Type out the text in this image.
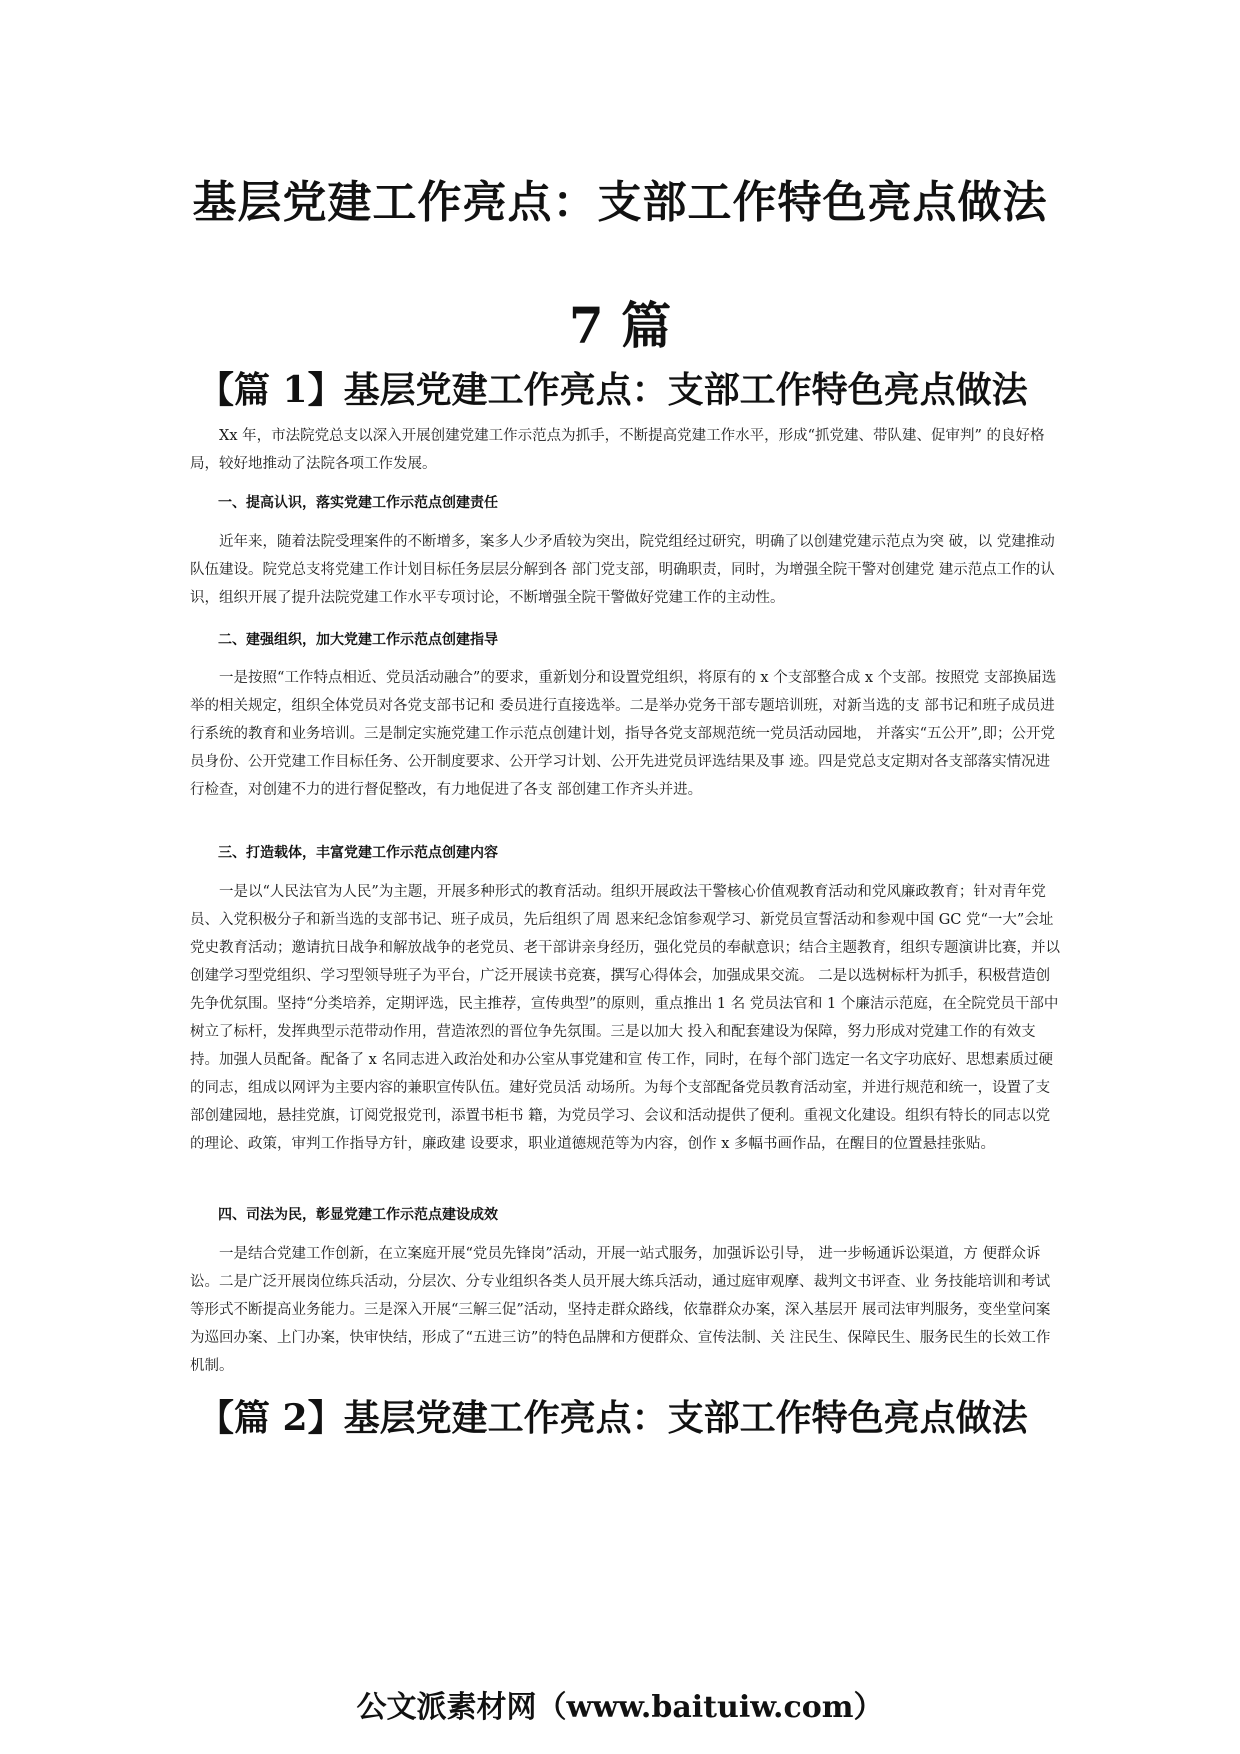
基层党建工作亮点：支部工作特色亮点做法
7 篇
【篇 1】基层党建工作亮点：支部工作特色亮点做法

Xx 年，市法院党总支以深入开展创建党建工作示范点为抓手，不断提高党建工作水平，形成“抓党建、带队建、促审判” 的良好格局，较好地推动了法院各项工作发展。

一、提高认识，落实党建工作示范点创建责任

近年来，随着法院受理案件的不断增多，案多人少矛盾较为突出，院党组经过研究，明确了以创建党建示范点为突 破，以 党建推动队伍建设。院党总支将党建工作计划目标任务层层分解到各 部门党支部，明确职责，同时，为增强全院干警对创建党 建示范点工作的认识，组织开展了提升法院党建工作水平专项讨论，不断增强全院干警做好党建工作的主动性。

二、建强组织，加大党建工作示范点创建指导

一是按照“工作特点相近、党员活动融合”的要求，重新划分和设置党组织，将原有的 x 个支部整合成 x 个支部。按照党 支部换届选举的相关规定，组织全体党员对各党支部书记和 委员进行直接选举。二是举办党务干部专题培训班，对新当选的支 部书记和班子成员进行系统的教育和业务培训。三是制定实施党建工作示范点创建计划，指导各党支部规范统一党员活动园地， 并落实“五公开”,即；公开党员身份、公开党建工作目标任务、公开制度要求、公开学习计划、公开先进党员评选结果及事 迹。四是党总支定期对各支部落实情况进行检查，对创建不力的进行督促整改，有力地促进了各支 部创建工作齐头并进。

三、打造载体，丰富党建工作示范点创建内容

一是以“人民法官为人民”为主题，开展多种形式的教育活动。组织开展政法干警核心价值观教育活动和党风廉政教育；针对青年党员、入党积极分子和新当选的支部书记、班子成员，先后组织了周 恩来纪念馆参观学习、新党员宣誓活动和参观中国 GC 党“一大”会址党史教育活动；邀请抗日战争和解放战争的老党员、老干部讲亲身经历，强化党员的奉献意识；结合主题教育，组织专题演讲比赛，并以创建学习型党组织、学习型领导班子为平台，广泛开展读书竞赛，撰写心得体会，加强成果交流。 二是以选树标杆为抓手，积极营造创先争优氛围。坚持“分类培养，定期评选，民主推荐，宣传典型”的原则，重点推出 1 名 党员法官和 1 个廉洁示范庭，在全院党员干部中树立了标杆，发挥典型示范带动作用，营造浓烈的晋位争先氛围。三是以加大 投入和配套建设为保障，努力形成对党建工作的有效支持。加强人员配备。配备了 x 名同志进入政治处和办公室从事党建和宣 传工作，同时，在每个部门选定一名文字功底好、思想素质过硬的同志，组成以网评为主要内容的兼职宣传队伍。建好党员活 动场所。为每个支部配备党员教育活动室，并进行规范和统一，设置了支部创建园地，悬挂党旗，订阅党报党刊，添置书柜书 籍，为党员学习、会议和活动提供了便利。重视文化建设。组织有特长的同志以党的理论、政策，审判工作指导方针，廉政建 设要求，职业道德规范等为内容，创作 x 多幅书画作品，在醒目的位置悬挂张贴。

四、司法为民，彰显党建工作示范点建设成效

一是结合党建工作创新，在立案庭开展“党员先锋岗”活动，开展一站式服务，加强诉讼引导， 进一步畅通诉讼渠道，方 便群众诉讼。二是广泛开展岗位练兵活动，分层次、分专业组织各类人员开展大练兵活动，通过庭审观摩、裁判文书评查、业 务技能培训和考试等形式不断提高业务能力。三是深入开展“三解三促”活动，坚持走群众路线，依靠群众办案，深入基层开 展司法审判服务，变坐堂问案为巡回办案、上门办案，快审快结，形成了“五进三访”的特色品牌和方便群众、宣传法制、关 注民生、保障民生、服务民生的长效工作机制。

【篇 2】基层党建工作亮点：支部工作特色亮点做法
公文派素材网（www.baituiw.com）
